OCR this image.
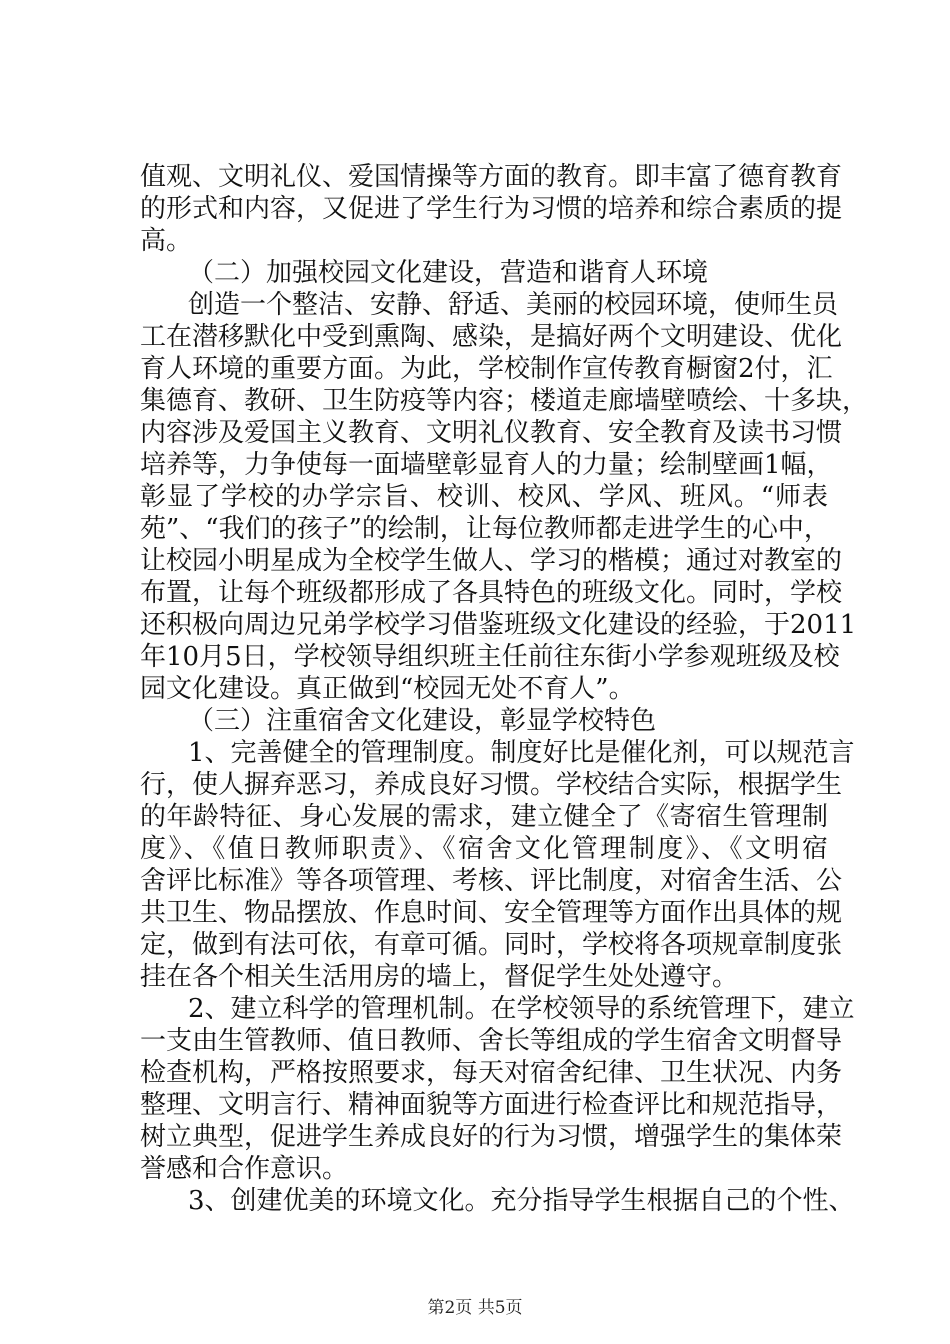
值观、文明礼仪、爱国情操等方面的教育。即丰富了德育教育
的形式和内容，又促进了学生行为习惯的培养和综合素质的提
高。
（二）加强校园文化建设，营造和谐育人环境
创造一个整洁、安静、舒适、美丽的校园环境，使师生员
工在潜移默化中受到熏陶、感染，是搞好两个文明建设、优化
育人环境的重要方面。为此，学校制作宣传教育橱窗2付，汇
集德育、教研、卫生防疫等内容；楼道走廊墙壁喷绘、十多块，
内容涉及爱国主义教育、文明礼仪教育、安全教育及读书习惯
培养等，力争使每一面墙壁彰显育人的力量；绘制壁画1幅，
彰显了学校的办学宗旨、校训、校风、学风、班风。“师表
苑”、“我们的孩子”的绘制，让每位教师都走进学生的心中，
让校园小明星成为全校学生做人、学习的楷模；通过对教室的
布置，让每个班级都形成了各具特色的班级文化。同时，学校
还积极向周边兄弟学校学习借鉴班级文化建设的经验，于2011
年10月5日，学校领导组织班主任前往东街小学参观班级及校
园文化建设。真正做到“校园无处不育人”。
（三）注重宿舍文化建设，彰显学校特色
1、完善健全的管理制度。制度好比是催化剂，可以规范言
行，使人摒弃恶习，养成良好习惯。学校结合实际，根据学生
的年龄特征、身心发展的需求，建立健全了《寄宿生管理制
度》、《值日教师职责》、《宿舍文化管理制度》、《文明宿
舍评比标准》等各项管理、考核、评比制度，对宿舍生活、公
共卫生、物品摆放、作息时间、安全管理等方面作出具体的规
定，做到有法可依，有章可循。同时，学校将各项规章制度张
挂在各个相关生活用房的墙上，督促学生处处遵守。
2、建立科学的管理机制。在学校领导的系统管理下，建立
一支由生管教师、值日教师、舍长等组成的学生宿舍文明督导
检查机构，严格按照要求，每天对宿舍纪律、卫生状况、内务
整理、文明言行、精神面貌等方面进行检查评比和规范指导，
树立典型，促进学生养成良好的行为习惯，增强学生的集体荣
誉感和合作意识。
3、创建优美的环境文化。充分指导学生根据自己的个性、
第2页 共5页
